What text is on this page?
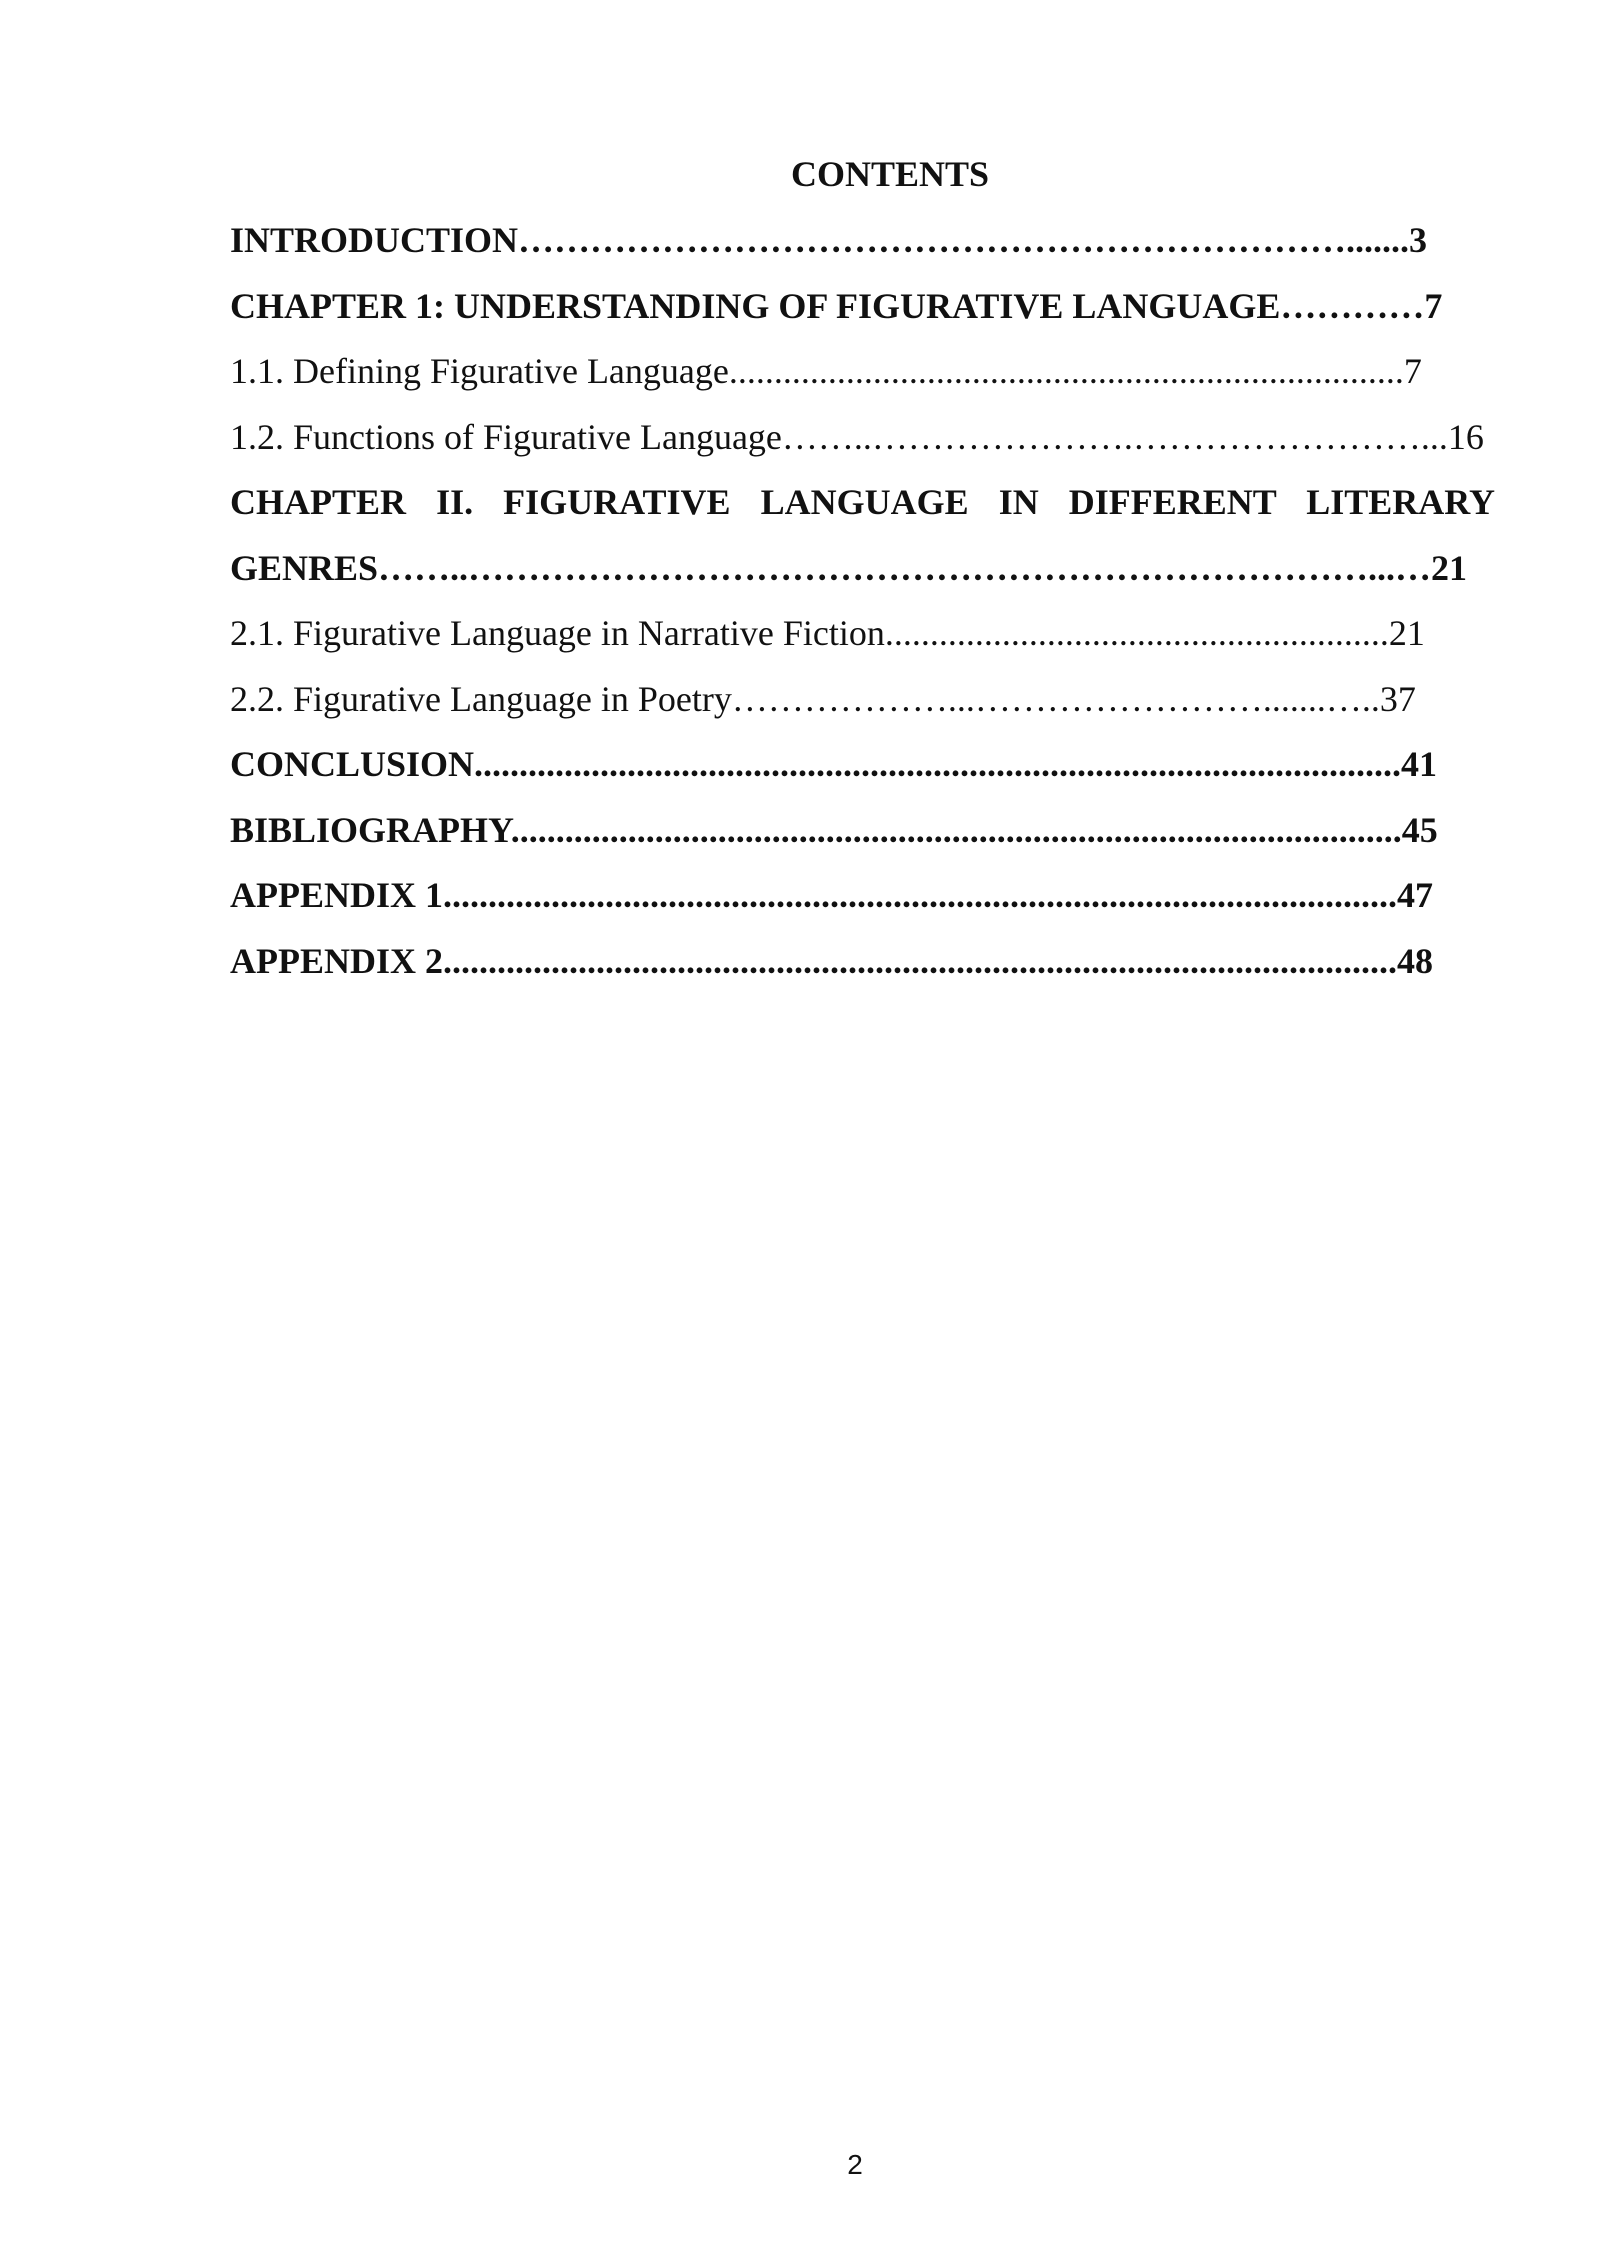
CONTENTS
INTRODUCTION…………………………………………………………….......3
CHAPTER 1: UNDERSTANDING OF FIGURATIVE LANGUAGE…………7
1.1. Defining Figurative Language...........................................................................7
1.2. Functions of Figurative Language……..………………….……………………...16
CHAPTER II. FIGURATIVE LANGUAGE IN DIFFERENT LITERARY
GENRES……..…………………………………………………………………...…21
2.1. Figurative Language in Narrative Fiction........................................................21
2.2. Figurative Language in Poetry………………...…………………….......…..37
CONCLUSION.......................................................................................................41
BIBLIOGRAPHY...................................................................................................45
APPENDIX 1..........................................................................................................47
APPENDIX 2..........................................................................................................48
2
